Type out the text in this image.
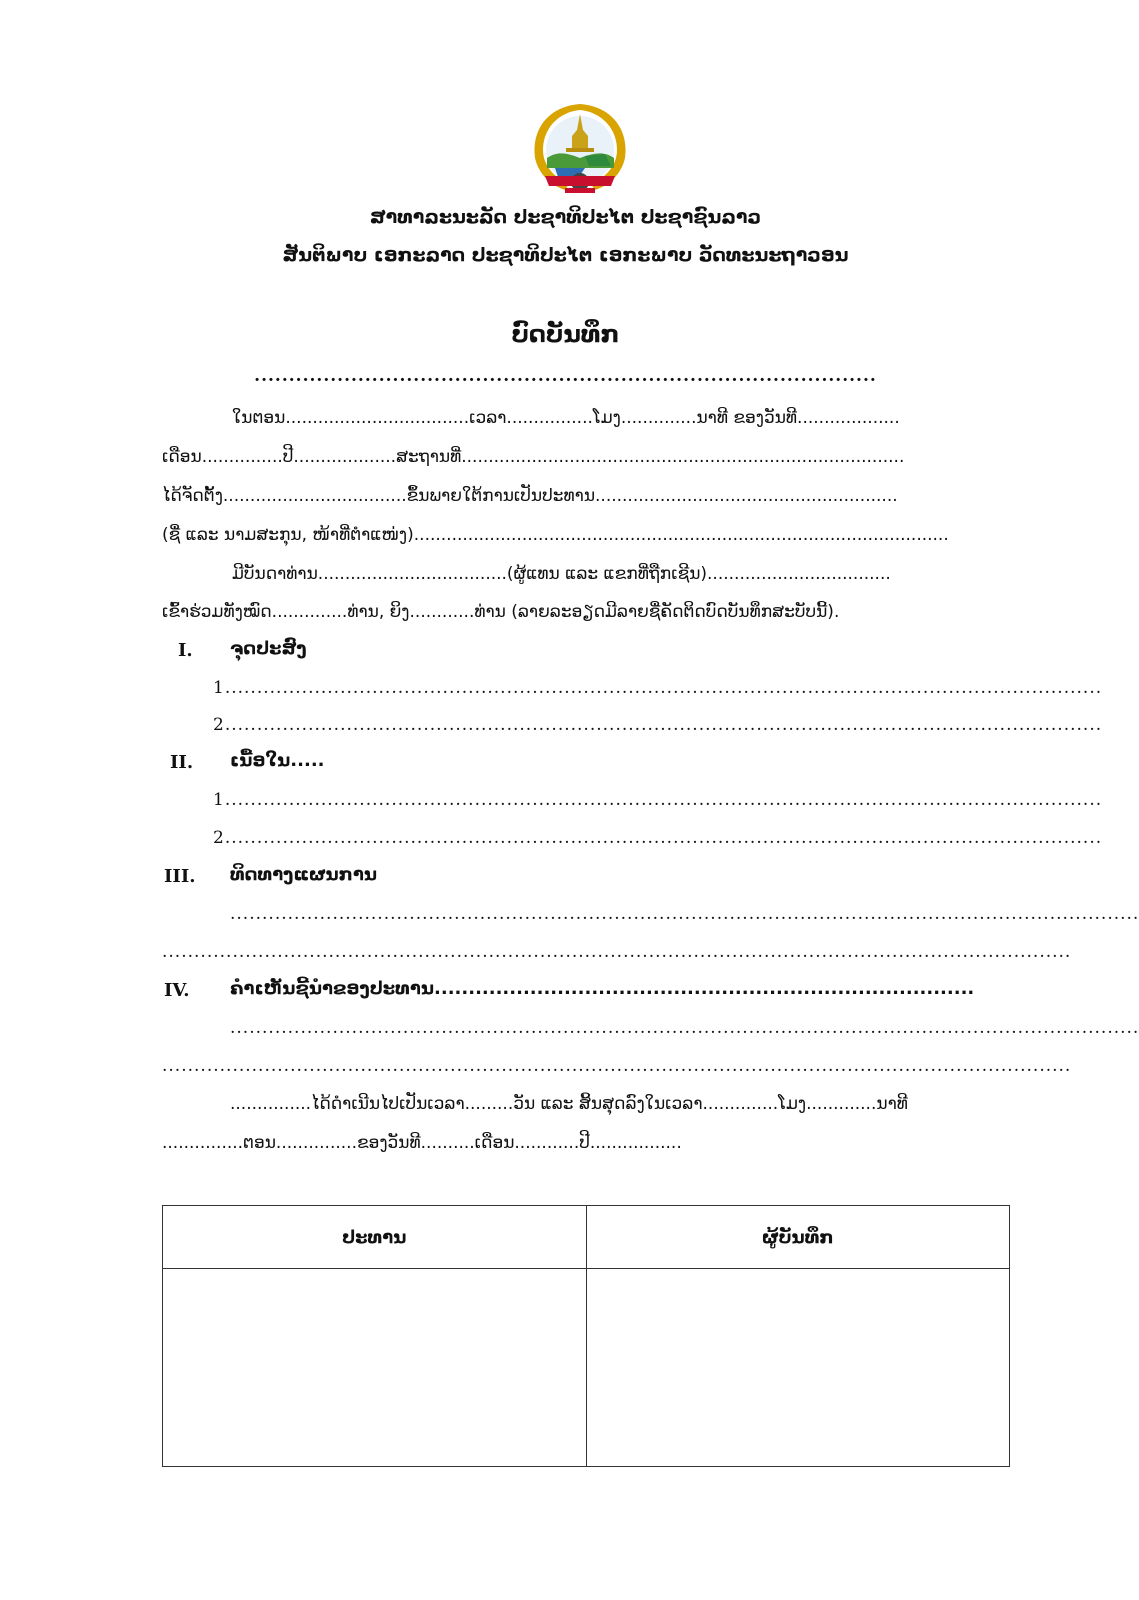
ສາທາລະນະລັດ ປະຊາທິປະໄຕ ປະຊາຊົນລາວ
ສັນຕິພາບ ເອກະລາດ ປະຊາທິປະໄຕ ເອກະພາບ ວັດທະນະຖາວອນ
ບົດບັນທຶກ
..........................................................................................
ໃນຕອນ..................................ເວລາ................ໂມງ..............ນາທີ ຂອງວັນທີ...................
ເດືອນ...............ປີ...................ສະຖານທີ່..................................................................................
ໄດ້ຈັດຕັ້ງ..................................ຂຶ້ນພາຍໃຕ້ການເປັນປະທານ........................................................
(ຊື່ ແລະ ນາມສະກຸນ, ໜ້າທີ່ຕໍາແໜ່ງ)...................................................................................................
ມີບັນດາທ່ານ...................................(ຜູ້ແທນ ແລະ ແຂກທີ່ຖືກເຊີນ)..................................
ເຂົ້າຮ່ວມທັງໝົດ..............ທ່ານ, ຍິງ............ທ່ານ (ລາຍລະອຽດມີລາຍຊື່ຄັດຕິດບົດບັນທຶກສະບັບນີ້).
I. ຈຸດປະສົງ
1.........................................................................................................................................
2.........................................................................................................................................
II. ເນື້ອໃນ.....
1.........................................................................................................................................
2.........................................................................................................................................
III. ທິດທາງແຜນການ
..............................................................................................................................................
..............................................................................................................................................
IV. ຄໍາເຫັນຊີ້ນໍາຂອງປະທານ...............................................................................
..............................................................................................................................................
..............................................................................................................................................
...............ໄດ້ດໍາເນີນໄປເປັນເວລາ.........ວັນ ແລະ ສິ້ນສຸດລົງໃນເວລາ..............ໂມງ.............ນາທີ
...............ຕອນ...............ຂອງວັນທີ..........ເດືອນ............ປີ.................
ປະທານ	ຜູ້ບັນທຶກ
